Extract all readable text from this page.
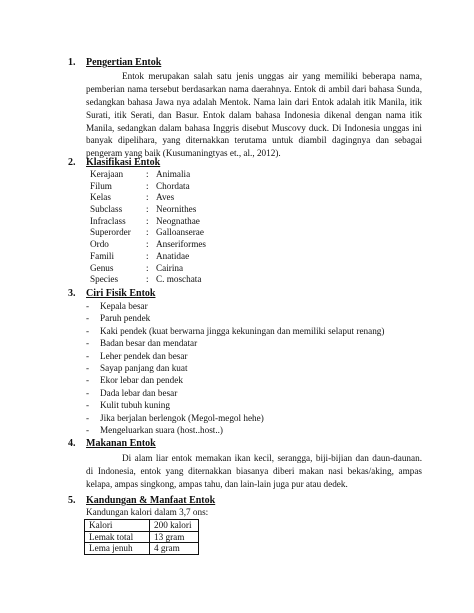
1. Pengertian Entok
Entok merupakan salah satu jenis unggas air yang memiliki beberapa nama,
pemberian nama tersebut berdasarkan nama daerahnya. Entok di ambil dari bahasa Sunda,
sedangkan bahasa Jawa nya adalah Mentok. Nama lain dari Entok adalah itik Manila, itik
Surati, itik Serati, dan Basur. Entok dalam bahasa Indonesia dikenal dengan nama itik
Manila, sedangkan dalam bahasa Inggris disebut Muscovy duck. Di Indonesia unggas ini
banyak dipelihara, yang diternakkan terutama untuk diambil dagingnya dan sebagai
pengeram yang baik (Kusumaningtyas et., al., 2012).
2. Klasifikasi Entok
Kerajaan : Animalia
Filum	: Chordata
Kelas	: Aves
Subclass	: Neornithes
Infraclass : Neognathae
Superorder : Galloanserae
Ordo	: Anseriformes
Famili	: Anatidae
Genus	: Cairina
Species	: C. moschata
3. Ciri Fisik Entok
- Kepala besar
- Paruh pendek
- Kaki pendek (kuat berwarna jingga kekuningan dan memiliki selaput renang)
- Badan besar dan mendatar
- Leher pendek dan besar
- Sayap panjang dan kuat
- Ekor lebar dan pendek
- Dada lebar dan besar
- Kulit tubuh kuning
- Jika berjalan berlengok (Megol-megol hehe)
- Mengeluarkan suara (host..host..)
4. Makanan Entok
Di alam liar entok memakan ikan kecil, serangga, biji-bijian dan daun-daunan.
di Indonesia, entok yang diternakkan biasanya diberi makan nasi bekas/aking, ampas
kelapa, ampas singkong, ampas tahu, dan lain-lain juga pur atau dedek.
5. Kandungan & Manfaat Entok
Kandungan kalori dalam 3,7 ons:
Kalori	200 kalori
Lemak total	13 gram
Lema jenuh	4 gram
